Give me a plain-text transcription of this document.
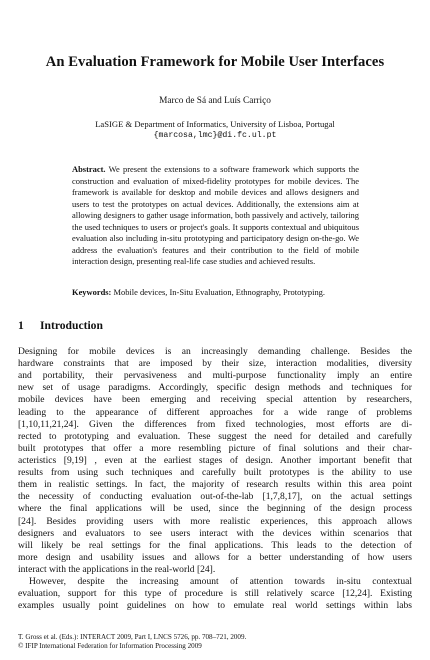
An Evaluation Framework for Mobile User Interfaces
Marco de Sá and Luís Carriço
LaSIGE & Department of Informatics, University of Lisboa, Portugal
{marcosa,lmc}@di.fc.ul.pt
Abstract. We present the extensions to a software framework which supports the construction and evaluation of mixed-fidelity prototypes for mobile devices. The framework is available for desktop and mobile devices and allows designers and users to test the prototypes on actual devices. Additionally, the extensions aim at allowing designers to gather usage information, both passively and actively, tailoring the used techniques to users or project's goals. It supports contextual and ubiquitous evaluation also including in-situ prototyping and participatory design on-the-go. We address the evaluation's features and their contribution to the field of mobile interaction design, presenting real-life case studies and achieved results.
Keywords: Mobile devices, In-Situ Evaluation, Ethnography, Prototyping.
1 Introduction
Designing for mobile devices is an increasingly demanding challenge. Besides the
hardware constraints that are imposed by their size, interaction modalities, diversity
and portability, their pervasiveness and multi-purpose functionality imply an entire
new set of usage paradigms. Accordingly, specific design methods and techniques for
mobile devices have been emerging and receiving special attention by researchers,
leading to the appearance of different approaches for a wide range of problems
[1,10,11,21,24]. Given the differences from fixed technologies, most efforts are di-
rected to prototyping and evaluation. These suggest the need for detailed and carefully
built prototypes that offer a more resembling picture of final solutions and their char-
acteristics [9,19] , even at the earliest stages of design. Another important benefit that
results from using such techniques and carefully built prototypes is the ability to use
them in realistic settings. In fact, the majority of research results within this area point
the necessity of conducting evaluation out-of-the-lab [1,7,8,17], on the actual settings
where the final applications will be used, since the beginning of the design process
[24]. Besides providing users with more realistic experiences, this approach allows
designers and evaluators to see users interact with the devices within scenarios that
will likely be real settings for the final applications. This leads to the detection of
more design and usability issues and allows for a better understanding of how users
interact with the applications in the real-world [24].
However, despite the increasing amount of attention towards in-situ contextual
evaluation, support for this type of procedure is still relatively scarce [12,24]. Existing
examples usually point guidelines on how to emulate real world settings within labs
T. Gross et al. (Eds.): INTERACT 2009, Part I, LNCS 5726, pp. 708–721, 2009.
© IFIP International Federation for Information Processing 2009
